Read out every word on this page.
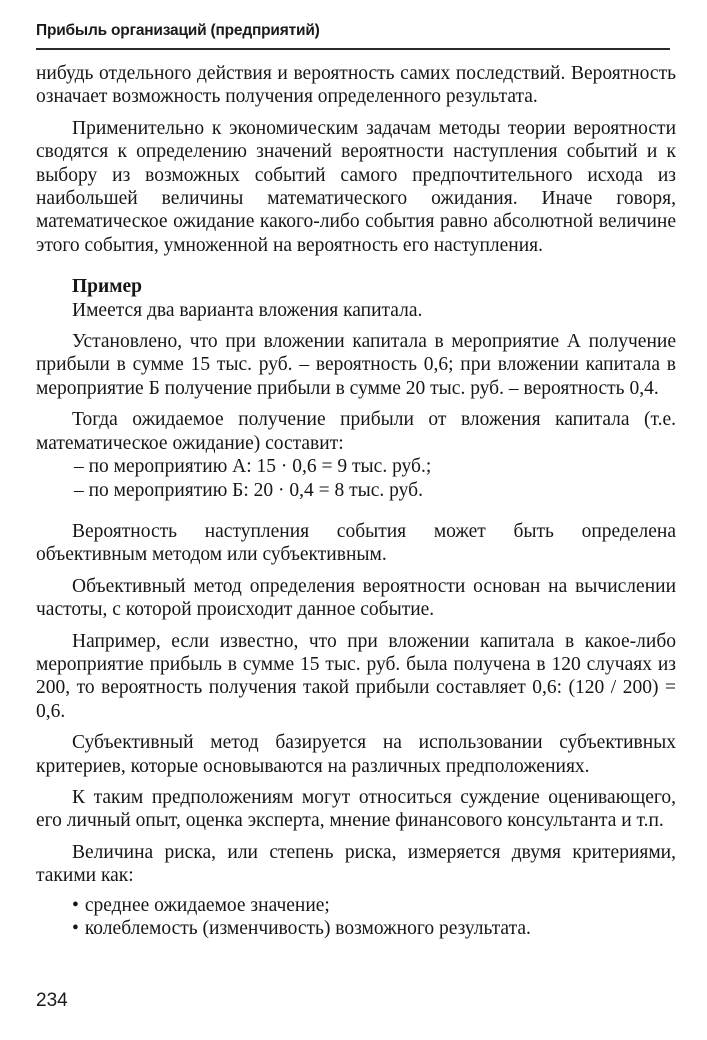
Прибыль организаций (предприятий)

нибудь отдельного действия и вероятность самих последствий. Вероятность означает возможность получения определенного результата.

Применительно к экономическим задачам методы теории вероятности сводятся к определению значений вероятности наступления событий и к выбору из возможных событий самого предпочтительного исхода из наибольшей величины математического ожидания. Иначе говоря, математическое ожидание какого-либо события равно абсолютной величине этого события, умноженной на вероятность его наступления.

Пример

Имеется два варианта вложения капитала.

Установлено, что при вложении капитала в мероприятие А получение прибыли в сумме 15 тыс. руб. – вероятность 0,6; при вложении капитала в мероприятие Б получение прибыли в сумме 20 тыс. руб. – вероятность 0,4.

Тогда ожидаемое получение прибыли от вложения капитала (т.е. математическое ожидание) составит:

– по мероприятию А: 15 · 0,6 = 9 тыс. руб.;

– по мероприятию Б: 20 · 0,4 = 8 тыс. руб.

Вероятность наступления события может быть определена объективным методом или субъективным.

Объективный метод определения вероятности основан на вычислении частоты, с которой происходит данное событие.

Например, если известно, что при вложении капитала в какое-либо мероприятие прибыль в сумме 15 тыс. руб. была получена в 120 случаях из 200, то вероятность получения такой прибыли составляет 0,6: (120 / 200) = 0,6.

Субъективный метод базируется на использовании субъективных критериев, которые основываются на различных предположениях.

К таким предположениям могут относиться суждение оценивающего, его личный опыт, оценка эксперта, мнение финансового консультанта и т.п.

Величина риска, или степень риска, измеряется двумя критериями, такими как:

• среднее ожидаемое значение;
• колеблемость (изменчивость) возможного результата.
234
